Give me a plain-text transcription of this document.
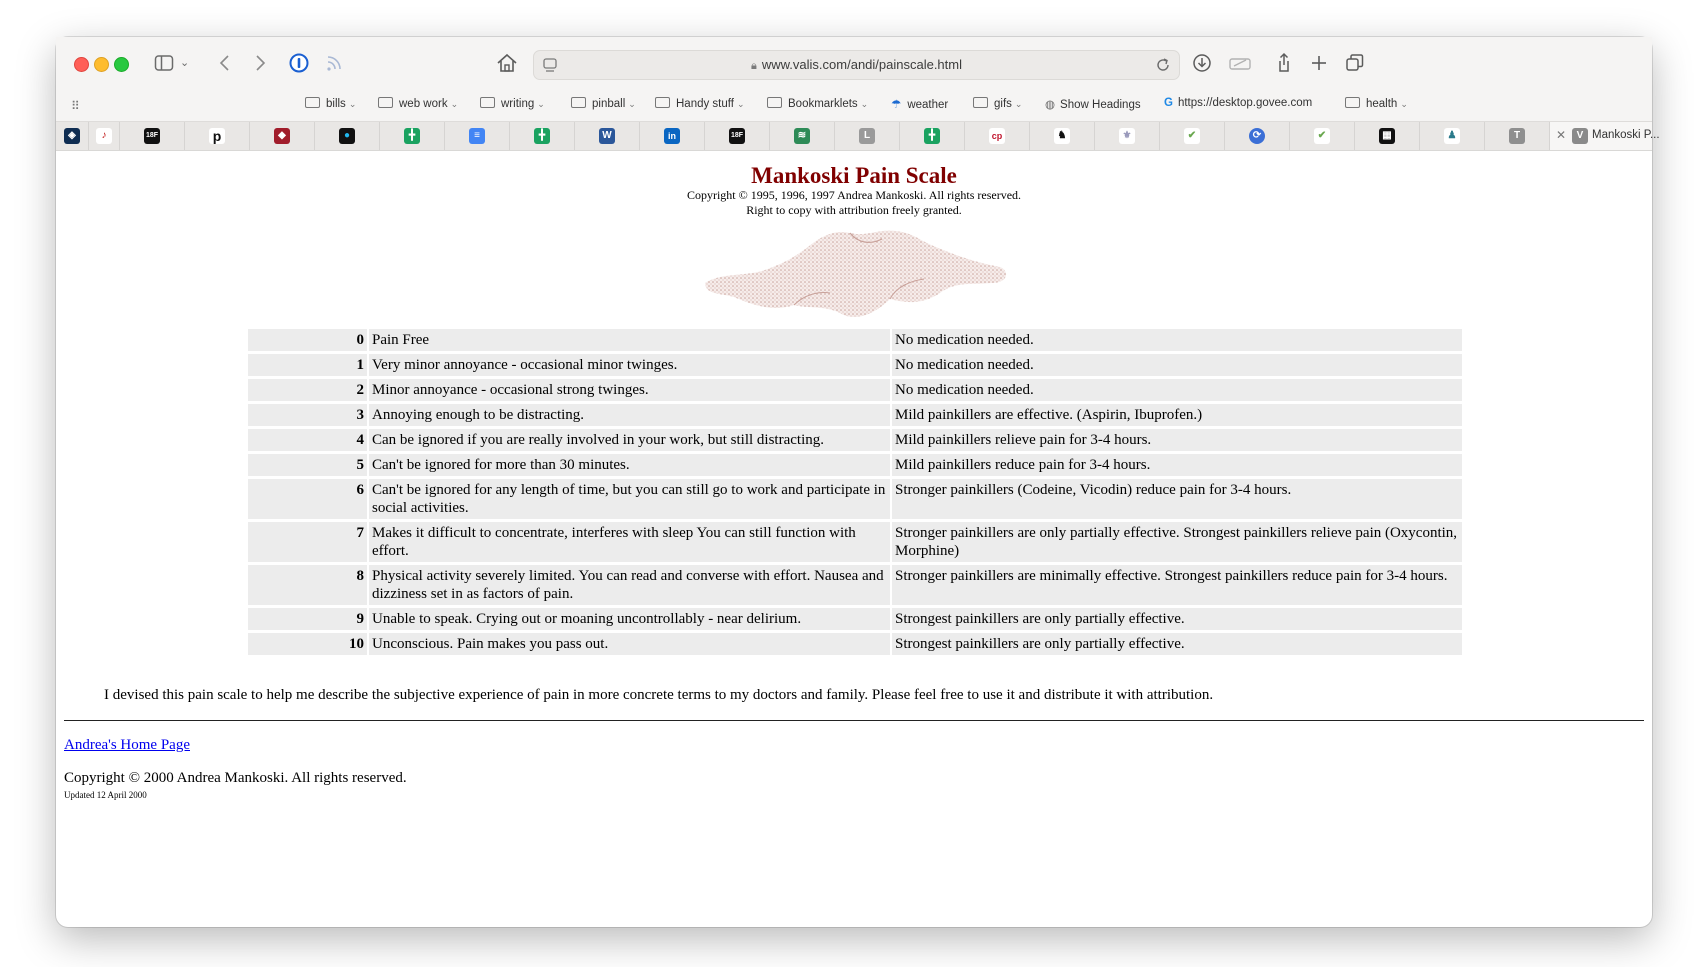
⌄	🔒︎ www.valis.com/andi/painscale.html
⠿	bills ⌄	web work ⌄	writing ⌄	pinball ⌄	Handy stuff ⌄	Bookmarklets ⌄ ☂ weather	gifs ⌄ ◍ Show Headings G https://desktop.govee.com	health ⌄
◈	♪	18F	p	◆	●	╋	≡	╋	W	in	18F	≋	L	╋	cp	♞	⚜	✔	⟳	✔	▦	♟	T	✕	V Mankoski P...
Mankoski Pain Scale
Copyright © 1995, 1996, 1997 Andrea Mankoski. All rights reserved.
Right to copy with attribution freely granted.
0	Pain Free	No medication needed.
1	Very minor annoyance - occasional minor twinges.	No medication needed.
2	Minor annoyance - occasional strong twinges.	No medication needed.
3	Annoying enough to be distracting.	Mild painkillers are effective. (Aspirin, Ibuprofen.)
4	Can be ignored if you are really involved in your work, but still distracting.	Mild painkillers relieve pain for 3-4 hours.
5	Can't be ignored for more than 30 minutes.	Mild painkillers reduce pain for 3-4 hours.
6	Can't be ignored for any length of time, but you can still go to work and participate in social activities.	Stronger painkillers (Codeine, Vicodin) reduce pain for 3-4 hours.
7	Makes it difficult to concentrate, interferes with sleep You can still function with effort.	Stronger painkillers are only partially effective. Strongest painkillers relieve pain (Oxycontin, Morphine)
8	Physical activity severely limited. You can read and converse with effort. Nausea and dizziness set in as factors of pain.	Stronger painkillers are minimally effective. Strongest painkillers reduce pain for 3-4 hours.
9	Unable to speak. Crying out or moaning uncontrollably - near delirium.	Strongest painkillers are only partially effective.
10	Unconscious. Pain makes you pass out.	Strongest painkillers are only partially effective.
I devised this pain scale to help me describe the subjective experience of pain in more concrete terms to my doctors and family. Please feel free to use it and distribute it with attribution.
Andrea's Home Page
Copyright © 2000 Andrea Mankoski. All rights reserved.
Updated 12 April 2000
